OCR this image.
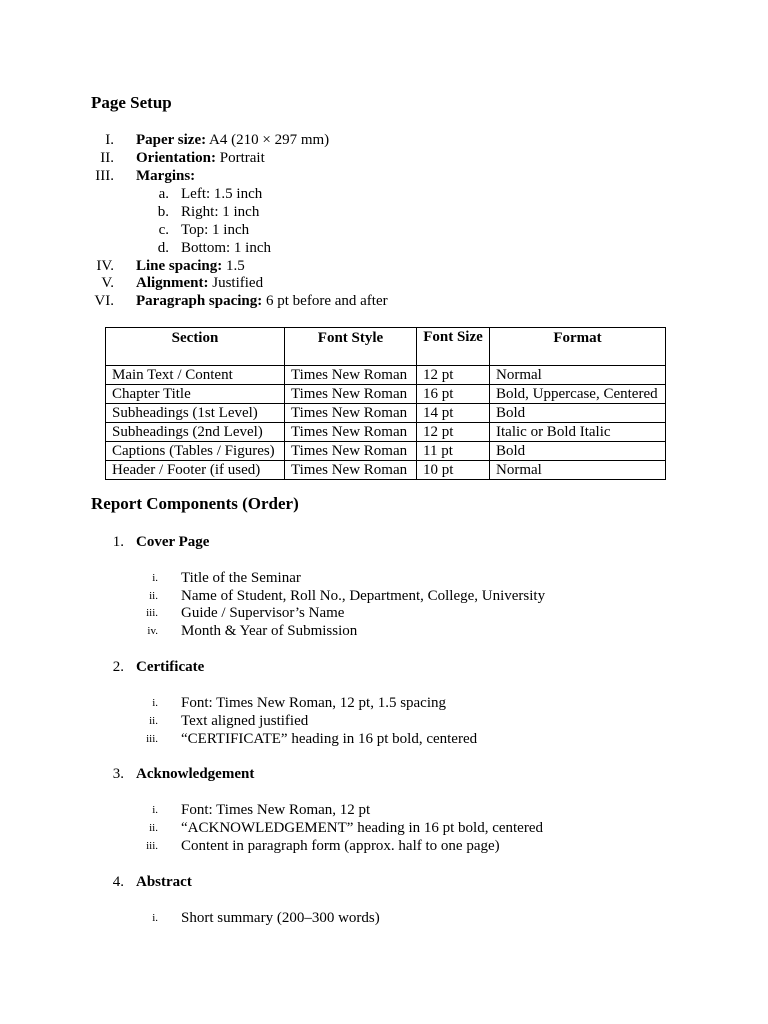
Page Setup
I. Paper size: A4 (210 × 297 mm)
II. Orientation: Portrait
III. Margins:
a. Left: 1.5 inch
b. Right: 1 inch
c. Top: 1 inch
d. Bottom: 1 inch
IV. Line spacing: 1.5
V. Alignment: Justified
VI. Paragraph spacing: 6 pt before and after
Section	Font Style	Font Size	Format
Main Text / Content	Times New Roman	12 pt	Normal
Chapter Title	Times New Roman	16 pt	Bold, Uppercase, Centered
Subheadings (1st Level)	Times New Roman	14 pt	Bold
Subheadings (2nd Level)	Times New Roman	12 pt	Italic or Bold Italic
Captions (Tables / Figures)	Times New Roman	11 pt	Bold
Header / Footer (if used)	Times New Roman	10 pt	Normal
Report Components (Order)
1. Cover Page
i. Title of the Seminar
ii. Name of Student, Roll No., Department, College, University
iii. Guide / Supervisor’s Name
iv. Month & Year of Submission
2. Certificate
i. Font: Times New Roman, 12 pt, 1.5 spacing
ii. Text aligned justified
iii. “CERTIFICATE” heading in 16 pt bold, centered
3. Acknowledgement
i. Font: Times New Roman, 12 pt
ii. “ACKNOWLEDGEMENT” heading in 16 pt bold, centered
iii. Content in paragraph form (approx. half to one page)
4. Abstract
i. Short summary (200–300 words)
